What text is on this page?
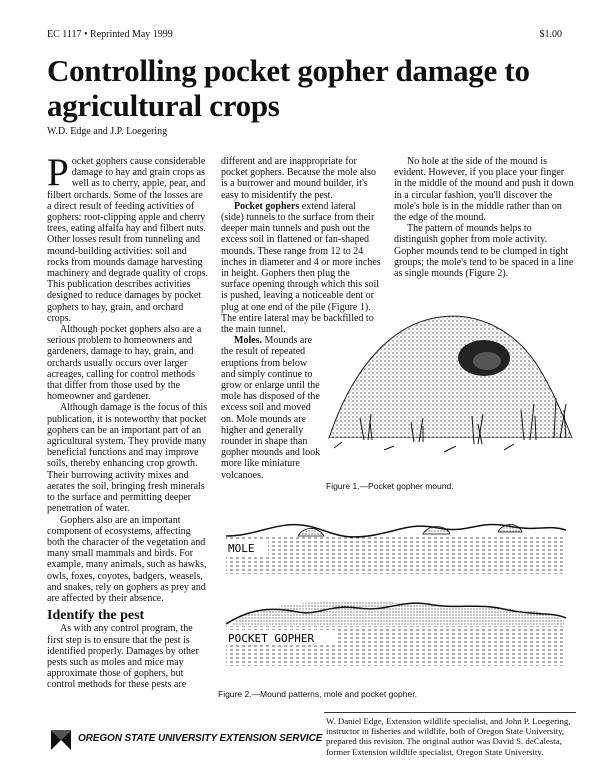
EC 1117 • Reprinted May 1999	$1.00
Controlling pocket gopher damage to agricultural crops
W.D. Edge and J.P. Loegering

Pocket gophers cause considerable damage to hay and grain crops as well as to cherry, apple, pear, and filbert orchards. Some of the losses are a direct result of feeding activities of gophers: root-clipping apple and cherry trees, eating alfalfa hay and filbert nuts. Other losses result from tunneling and mound-building activities: soil and rocks from mounds damage harvesting machinery and degrade quality of crops. This publication describes activities designed to reduce damages by pocket gophers to hay, grain, and orchard crops.

Although pocket gophers also are a serious problem to homeowners and gardeners, damage to hay, grain, and orchards usually occurs over larger acreages, calling for control methods that differ from those used by the homeowner and gardener.

Although damage is the focus of this publication, it is noteworthy that pocket gophers can be an important part of an agricultural system. They provide many beneficial functions and may improve soils, thereby enhancing crop growth. Their burrowing activity mixes and aerates the soil, bringing fresh minerals to the surface and permitting deeper penetration of water.

Gophers also are an important component of ecosystems, affecting both the character of the vegetation and many small mammals and birds. For example, many animals, such as hawks, owls, foxes, coyotes, badgers, weasels, and snakes, rely on gophers as prey and are affected by their absence.

Identify the pest

As with any control program, the first step is to ensure that the pest is identified properly. Damages by other pests such as moles and mice may approximate those of gophers, but control methods for these pests are

different and are inappropriate for pocket gophers. Because the mole also is a burrower and mound builder, it's easy to misidentify the pest.

Pocket gophers extend lateral (side) tunnels to the surface from their deeper main tunnels and push out the excess soil in flattened or fan-shaped mounds. These range from 12 to 24 inches in diameter and 4 or more inches in height. Gophers then plug the surface opening through which this soil is pushed, leaving a noticeable dent or plug at one end of the pile (Figure 1). The entire lateral may be backfilled to the main tunnel.

Moles. Mounds are the result of repeated eruptions from below and simply continue to grow or enlarge until the mole has disposed of the excess soil and moved on. Mole mounds are higher and generally rounder in shape than gopher mounds and look more like miniature volcanoes.

No hole at the side of the mound is evident. However, if you place your finger in the middle of the mound and push it down in a circular fashion, you'll discover the mole's hole is in the middle rather than on the edge of the mound.

The pattern of mounds helps to distinguish gopher from mole activity. Gopher mounds tend to be clumped in tight groups; the mole's tend to be spaced in a line as single mounds (Figure 2).

Figure 1.—Pocket gopher mound.
MOLE
POCKET GOPHER
Figure 2.—Mound patterns, mole and pocket gopher.
W. Daniel Edge, Extension wildlife specialist, and John P. Loegering, instructor in fisheries and wildlife, both of Oregon State University, prepared this revision. The original author was David S. deCalesta, former Extension wildlife specialist, Oregon State University.
OREGON STATE UNIVERSITY EXTENSION SERVICE
